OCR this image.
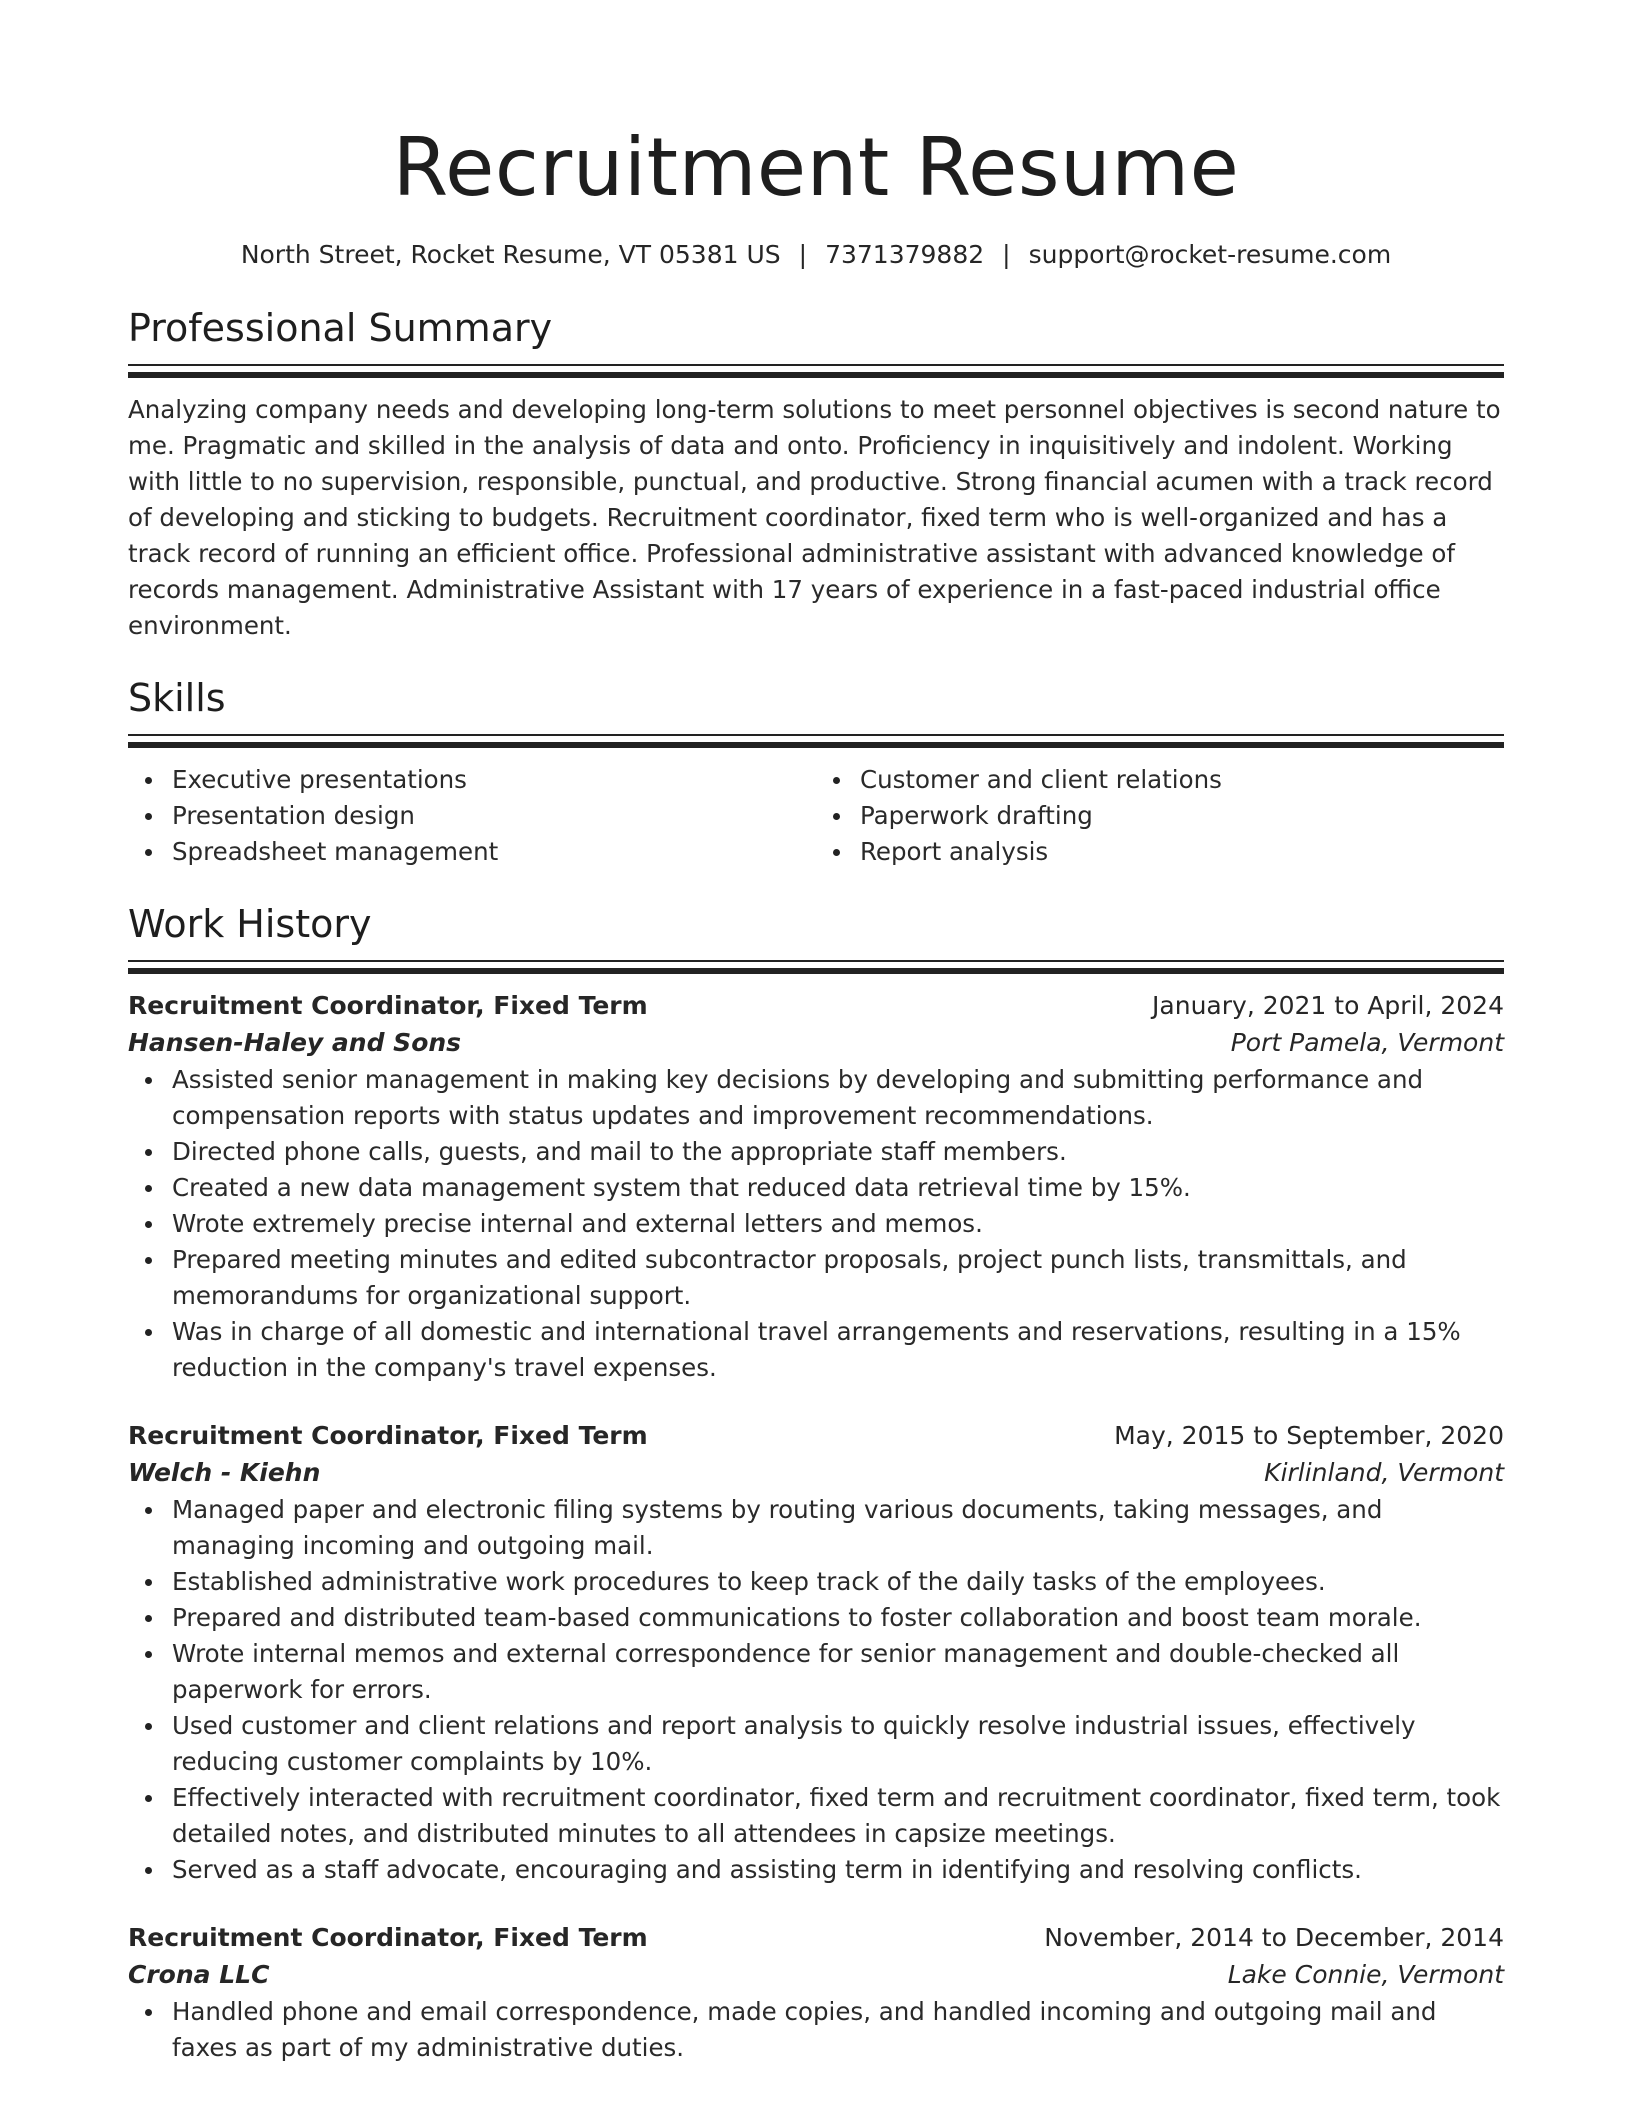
Recruitment Resume
North Street, Rocket Resume, VT 05381 US | 7371379882 | support@rocket-resume.com
Professional Summary

Analyzing company needs and developing long-term solutions to meet personnel objectives is second nature to me. Pragmatic and skilled in the analysis of data and onto. Proficiency in inquisitively and indolent. Working with little to no supervision, responsible, punctual, and productive. Strong financial acumen with a track record of developing and sticking to budgets. Recruitment coordinator, fixed term who is well-organized and has a track record of running an efficient office. Professional administrative assistant with advanced knowledge of records management. Administrative Assistant with 17 years of experience in a fast-paced industrial office environment.

Skills
Executive presentations
Presentation design
Spreadsheet management
Customer and client relations
Paperwork drafting
Report analysis
Work History
Recruitment Coordinator, Fixed Term	January, 2021 to April, 2024
Hansen-Haley and Sons	Port Pamela, Vermont
Assisted senior management in making key decisions by developing and submitting performance and compensation reports with status updates and improvement recommendations.
Directed phone calls, guests, and mail to the appropriate staff members.
Created a new data management system that reduced data retrieval time by 15%.
Wrote extremely precise internal and external letters and memos.
Prepared meeting minutes and edited subcontractor proposals, project punch lists, transmittals, and memorandums for organizational support.
Was in charge of all domestic and international travel arrangements and reservations, resulting in a 15% reduction in the company's travel expenses.
Recruitment Coordinator, Fixed Term	May, 2015 to September, 2020
Welch - Kiehn	Kirlinland, Vermont
Managed paper and electronic filing systems by routing various documents, taking messages, and managing incoming and outgoing mail.
Established administrative work procedures to keep track of the daily tasks of the employees.
Prepared and distributed team-based communications to foster collaboration and boost team morale.
Wrote internal memos and external correspondence for senior management and double-checked all paperwork for errors.
Used customer and client relations and report analysis to quickly resolve industrial issues, effectively reducing customer complaints by 10%.
Effectively interacted with recruitment coordinator, fixed term and recruitment coordinator, fixed term, took detailed notes, and distributed minutes to all attendees in capsize meetings.
Served as a staff advocate, encouraging and assisting term in identifying and resolving conflicts.
Recruitment Coordinator, Fixed Term	November, 2014 to December, 2014
Crona LLC	Lake Connie, Vermont
Handled phone and email correspondence, made copies, and handled incoming and outgoing mail and faxes as part of my administrative duties.
